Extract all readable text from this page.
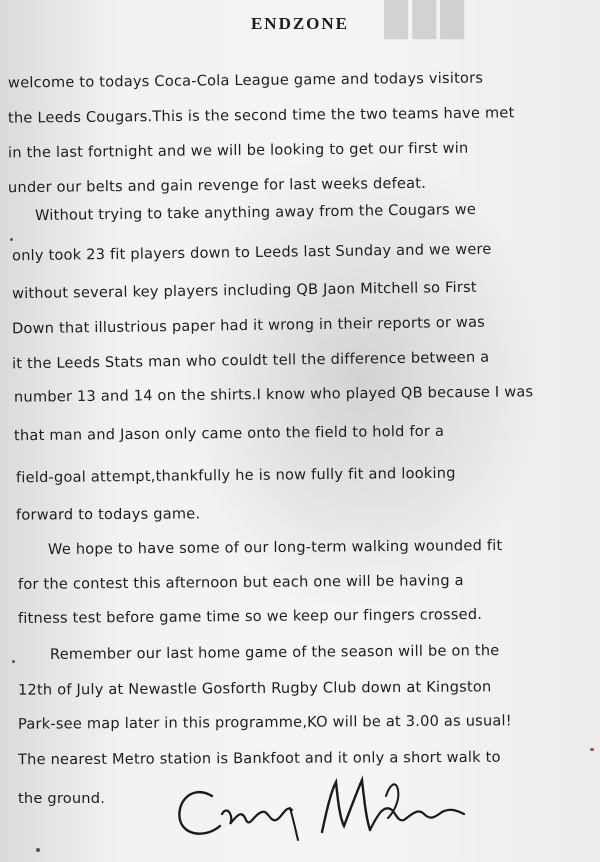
███
ENDZONE
welcome to todays Coca-Cola League game and todays visitors
the Leeds Cougars.This is the second time the two teams have met
in the last fortnight and we will be looking to get our first win
under our belts and gain revenge for last weeks defeat.
Without trying to take anything away from the Cougars we
only took 23 fit players down to Leeds last Sunday and we were
without several key players including QB Jaon Mitchell so First
Down that illustrious paper had it wrong in their reports or was
it the Leeds Stats man who couldt tell the difference between a
number 13 and 14 on the shirts.I know who played QB because I was
that man and Jason only came onto the field to hold for a
field-goal attempt,thankfully he is now fully fit and looking
forward to todays game.
We hope to have some of our long-term walking wounded fit
for the contest this afternoon but each one will be having a
fitness test before game time so we keep our fingers crossed.
Remember our last home game of the season will be on the
12th of July at Newastle Gosforth Rugby Club down at Kingston
Park-see map later in this programme,KO will be at 3.00 as usual!
The nearest Metro station is Bankfoot and it only a short walk to
the ground.
